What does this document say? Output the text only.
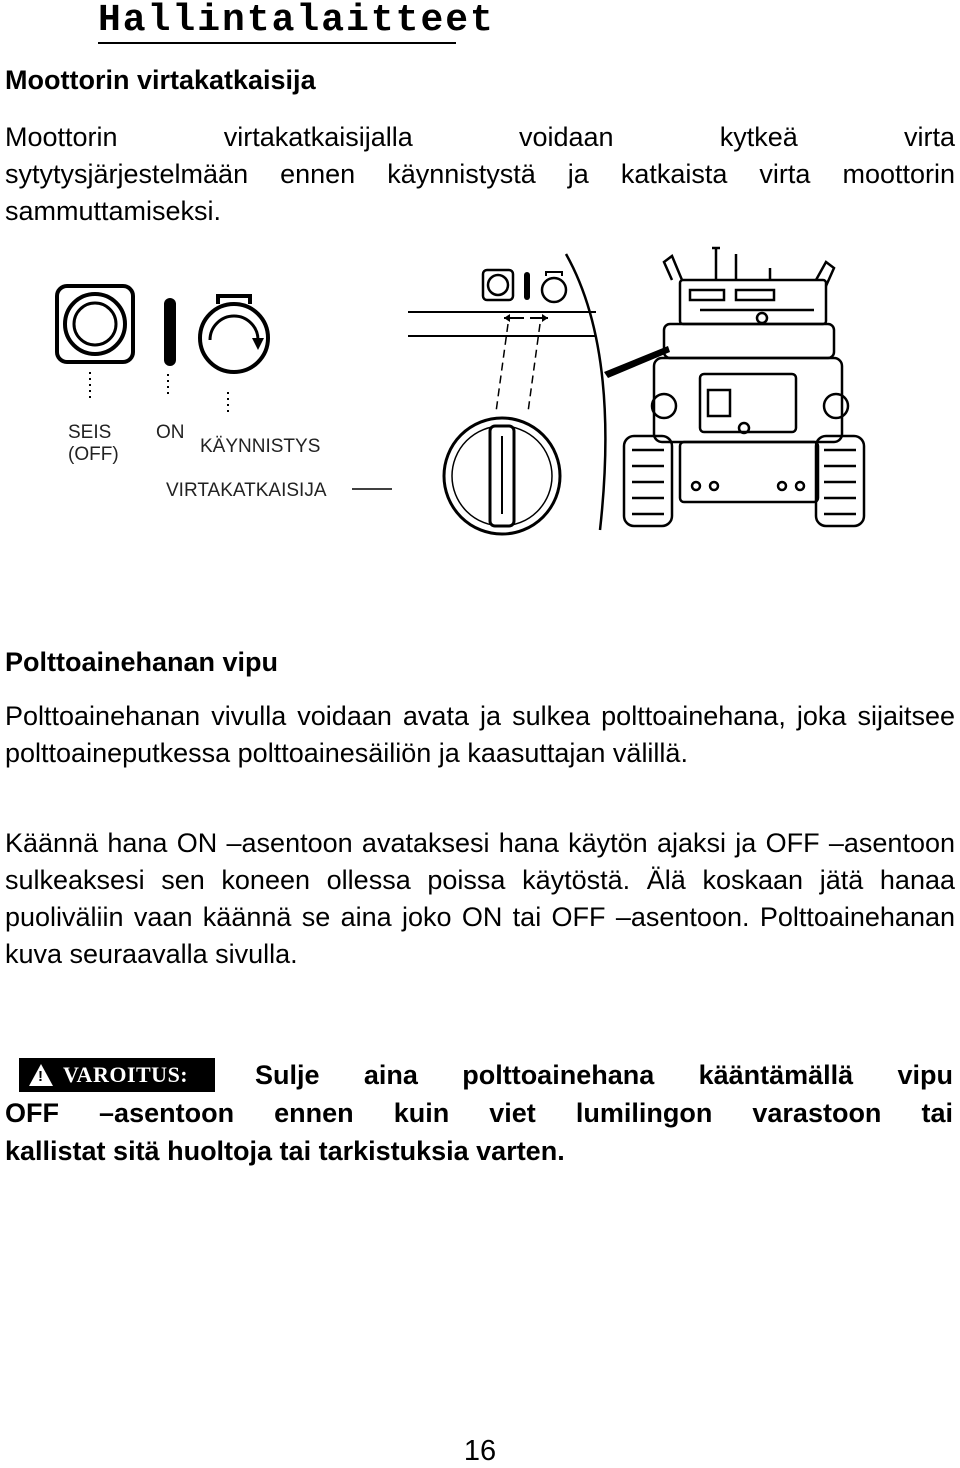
Hallintalaitteet
Moottorin virtakatkaisija

Moottorin virtakatkaisijalla voidaan kytkeä virta

sytytysjärjestelmään ennen käynnistystä ja katkaista virta moottorin sammuttamiseksi.

SEIS
(OFF)
ON
KÄYNNISTYS
VIRTAKATKAISIJA
Polttoainehanan vipu

Polttoainehanan vivulla voidaan avata ja sulkea polttoainehana, joka sijaitsee polttoaineputkessa polttoainesäiliön ja kaasuttajan välillä.

Käännä hana ON –asentoon avataksesi hana käytön ajaksi ja OFF –asentoon sulkeaksesi sen koneen ollessa poissa käytöstä. Älä koskaan jätä hanaa puoliväliin vaan käännä se aina joko ON tai OFF –asentoon. Polttoainehanan kuva seuraavalla sivulla.

! VAROITUS: Sulje aina polttoainehana kääntämällä vipu
OFF –asentoon ennen kuin viet lumilingon varastoon tai
kallistat sitä huoltoja tai tarkistuksia varten.
16
